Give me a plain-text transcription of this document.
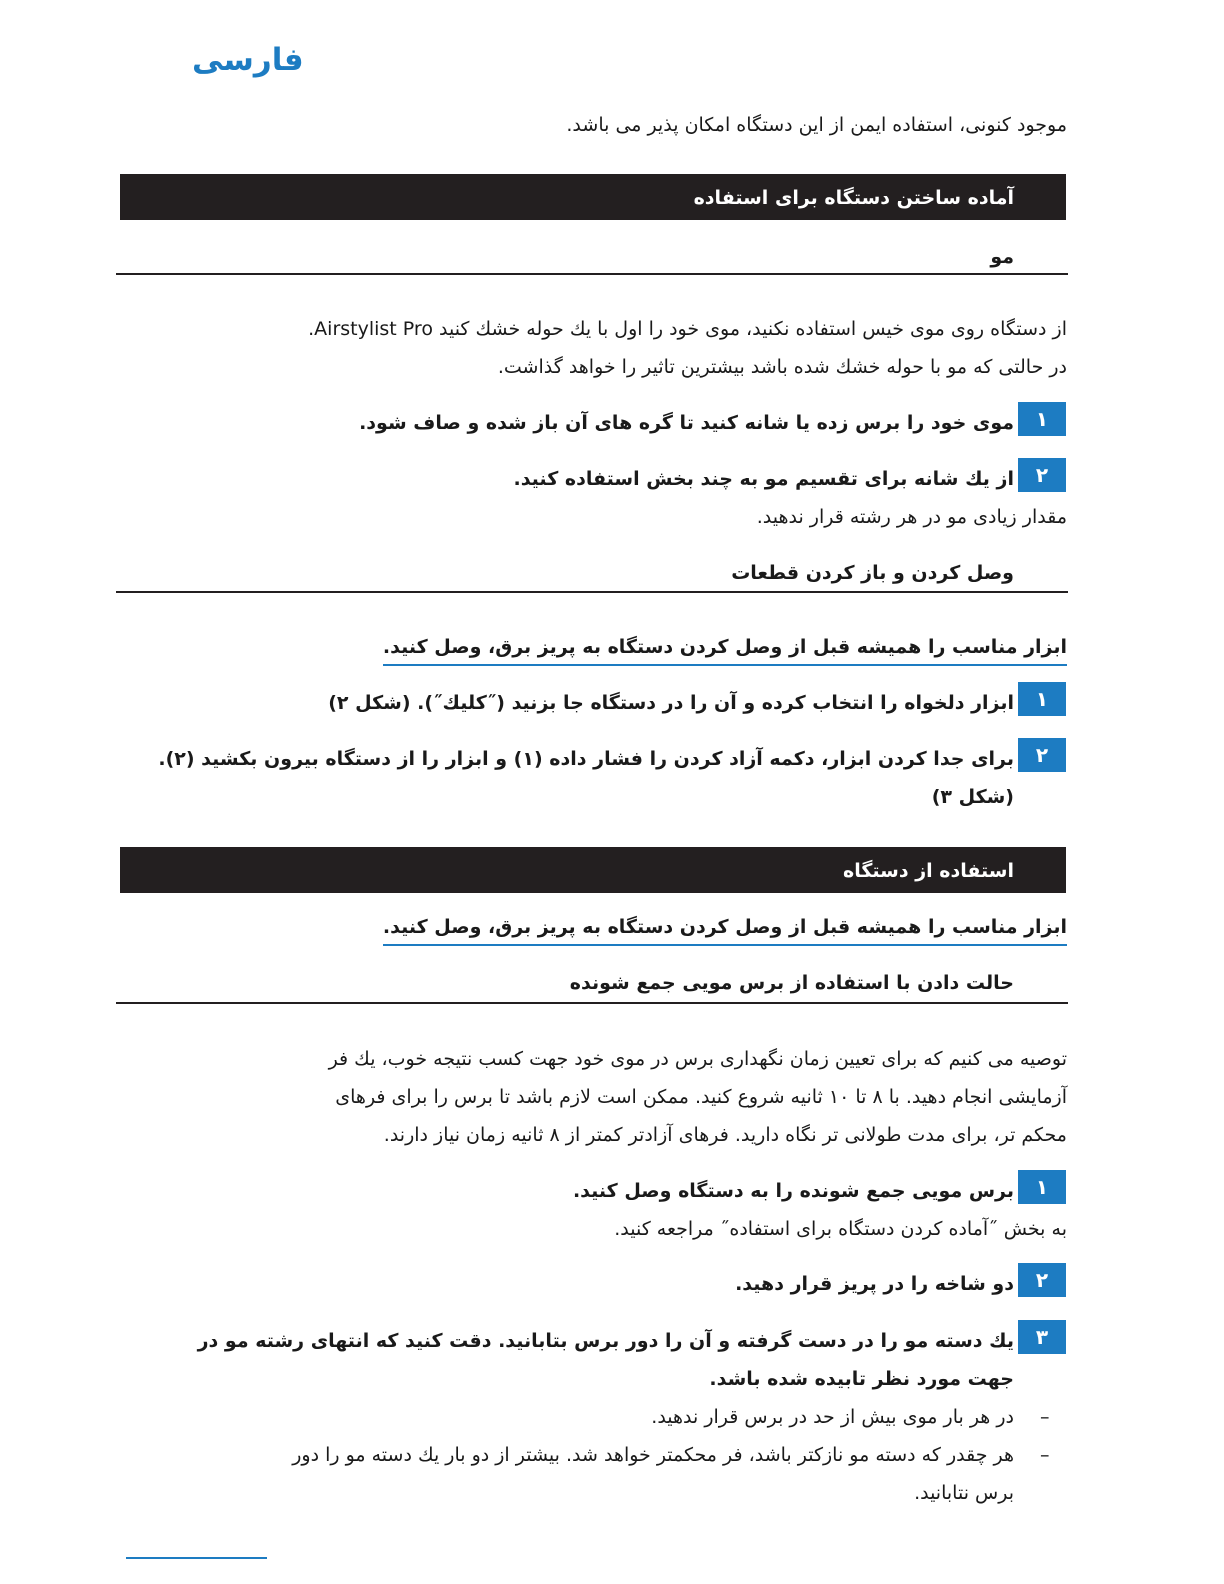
فارسی
موجود کنونی، استفاده ایمن از این دستگاه امکان پذیر می باشد.
آماده ساختن دستگاه برای استفاده
مو
از دستگاه روی موی خیس استفاده نکنید، موی خود را اول با یك حوله خشك كنید Airstylist Pro.
در حالتی که مو با حوله خشك شده باشد بیشترین تاثیر را خواهد گذاشت.
۱
موی خود را برس زده یا شانه كنید تا گره های آن باز شده و صاف شود.
۲
از یك شانه برای تقسیم مو به چند بخش استفاده كنید.
مقدار زیادی مو در هر رشته قرار ندهید.
وصل کردن و باز کردن قطعات
ابزار مناسب را همیشه قبل از وصل كردن دستگاه به پریز برق، وصل كنید.
۱
ابزار دلخواه را انتخاب كرده و آن را در دستگاه جا بزنید (˝كلیك˝). (شكل ۲)
۲
برای جدا كردن ابزار، دكمه آزاد كردن را فشار داده (۱) و ابزار را از دستگاه بیرون بكشید (۲).
(شكل ۳)
استفاده از دستگاه
ابزار مناسب را همیشه قبل از وصل كردن دستگاه به پریز برق، وصل كنید.
حالت دادن با استفاده از برس مویی جمع شونده
توصیه می کنیم که برای تعیین زمان نگهداری برس در موی خود جهت کسب نتیجه خوب، یك فر
آزمایشی انجام دهید. با ۸ تا ۱۰ ثانیه شروع کنید. ممکن است لازم باشد تا برس را برای فرهای
محکم تر، برای مدت طولانی تر نگاه دارید. فرهای آزادتر کمتر از ۸ ثانیه زمان نیاز دارند.
۱
برس مویی جمع شونده را به دستگاه وصل كنید.
به بخش ˝آماده کردن دستگاه برای استفاده˝ مراجعه کنید.
۲
دو شاخه را در پریز قرار دهید.
۳
یك دسته مو را در دست گرفته و آن را دور برس بتابانید. دقت كنید كه انتهای رشته مو در
جهت مورد نظر تابیده شده باشد.
–
در هر بار موی بیش از حد در برس قرار ندهید.
–
هر چقدر که دسته مو نازکتر باشد، فر محکمتر خواهد شد. بیشتر از دو بار یك دسته مو را دور
برس نتابانید.
